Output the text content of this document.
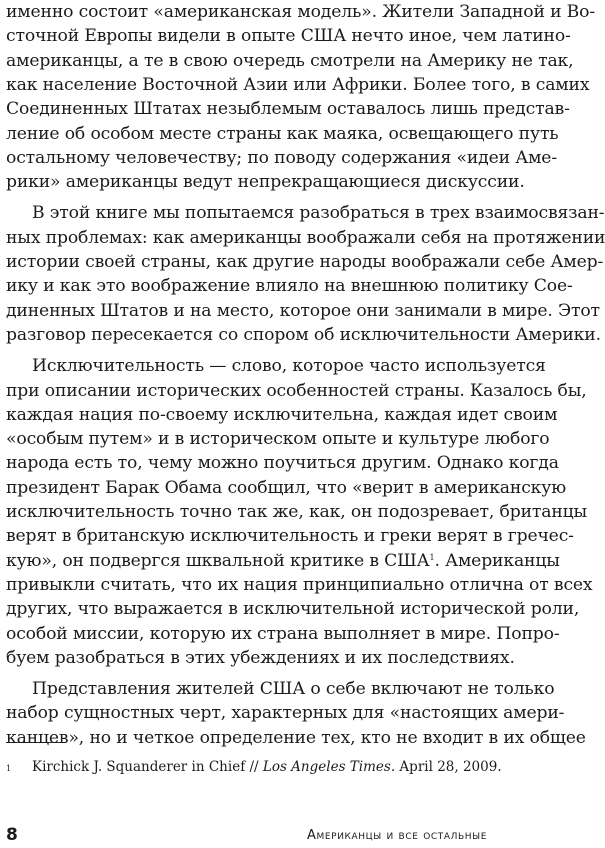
именно состоит «американская модель». Жители Западной и Во-
сточной Европы видели в опыте США нечто иное, чем латино-
американцы, а те в свою очередь смотрели на Америку не так,
как население Восточной Азии или Африки. Более того, в самих
Соединенных Штатах незыблемым оставалось лишь представ-
ление об особом месте страны как маяка, освещающего путь
остальному человечеству; по поводу содержания «идеи Аме-
рики» американцы ведут непрекращающиеся дискуссии.
В этой книге мы попытаемся разобраться в трех взаимосвязан-
ных проблемах: как американцы воображали себя на протяжении
истории своей страны, как другие народы воображали себе Амер-
ику и как это воображение влияло на внешнюю политику Сое-
диненных Штатов и на место, которое они занимали в мире. Этот
разговор пересекается со спором об исключительности Америки.
Исключительность — слово, которое часто используется
при описании исторических особенностей страны. Казалось бы,
каждая нация по-своему исключительна, каждая идет своим
«особым путем» и в историческом опыте и культуре любого
народа есть то, чему можно поучиться другим. Однако когда
президент Барак Обама сообщил, что «верит в американскую
исключительность точно так же, как, он подозревает, британцы
верят в британскую исключительность и греки верят в гречес-
кую», он подвергся шквальной критике в США$^1$. Американцы
привыкли считать, что их нация принципиально отлична от всех
других, что выражается в исключительной исторической роли,
особой миссии, которую их страна выполняет в мире. Попро-
буем разобраться в этих убеждениях и их последствиях.
Представления жителей США о себе включают не только
1 Kirchick J. Squanderer in Chief // Los Angeles Times. April 28, 2009.
8	Американцы и все остальные
набор сущностных черт, характерных для «настоящих амери-
канцев», но и четкое определение тех, кто не входит в их общее
